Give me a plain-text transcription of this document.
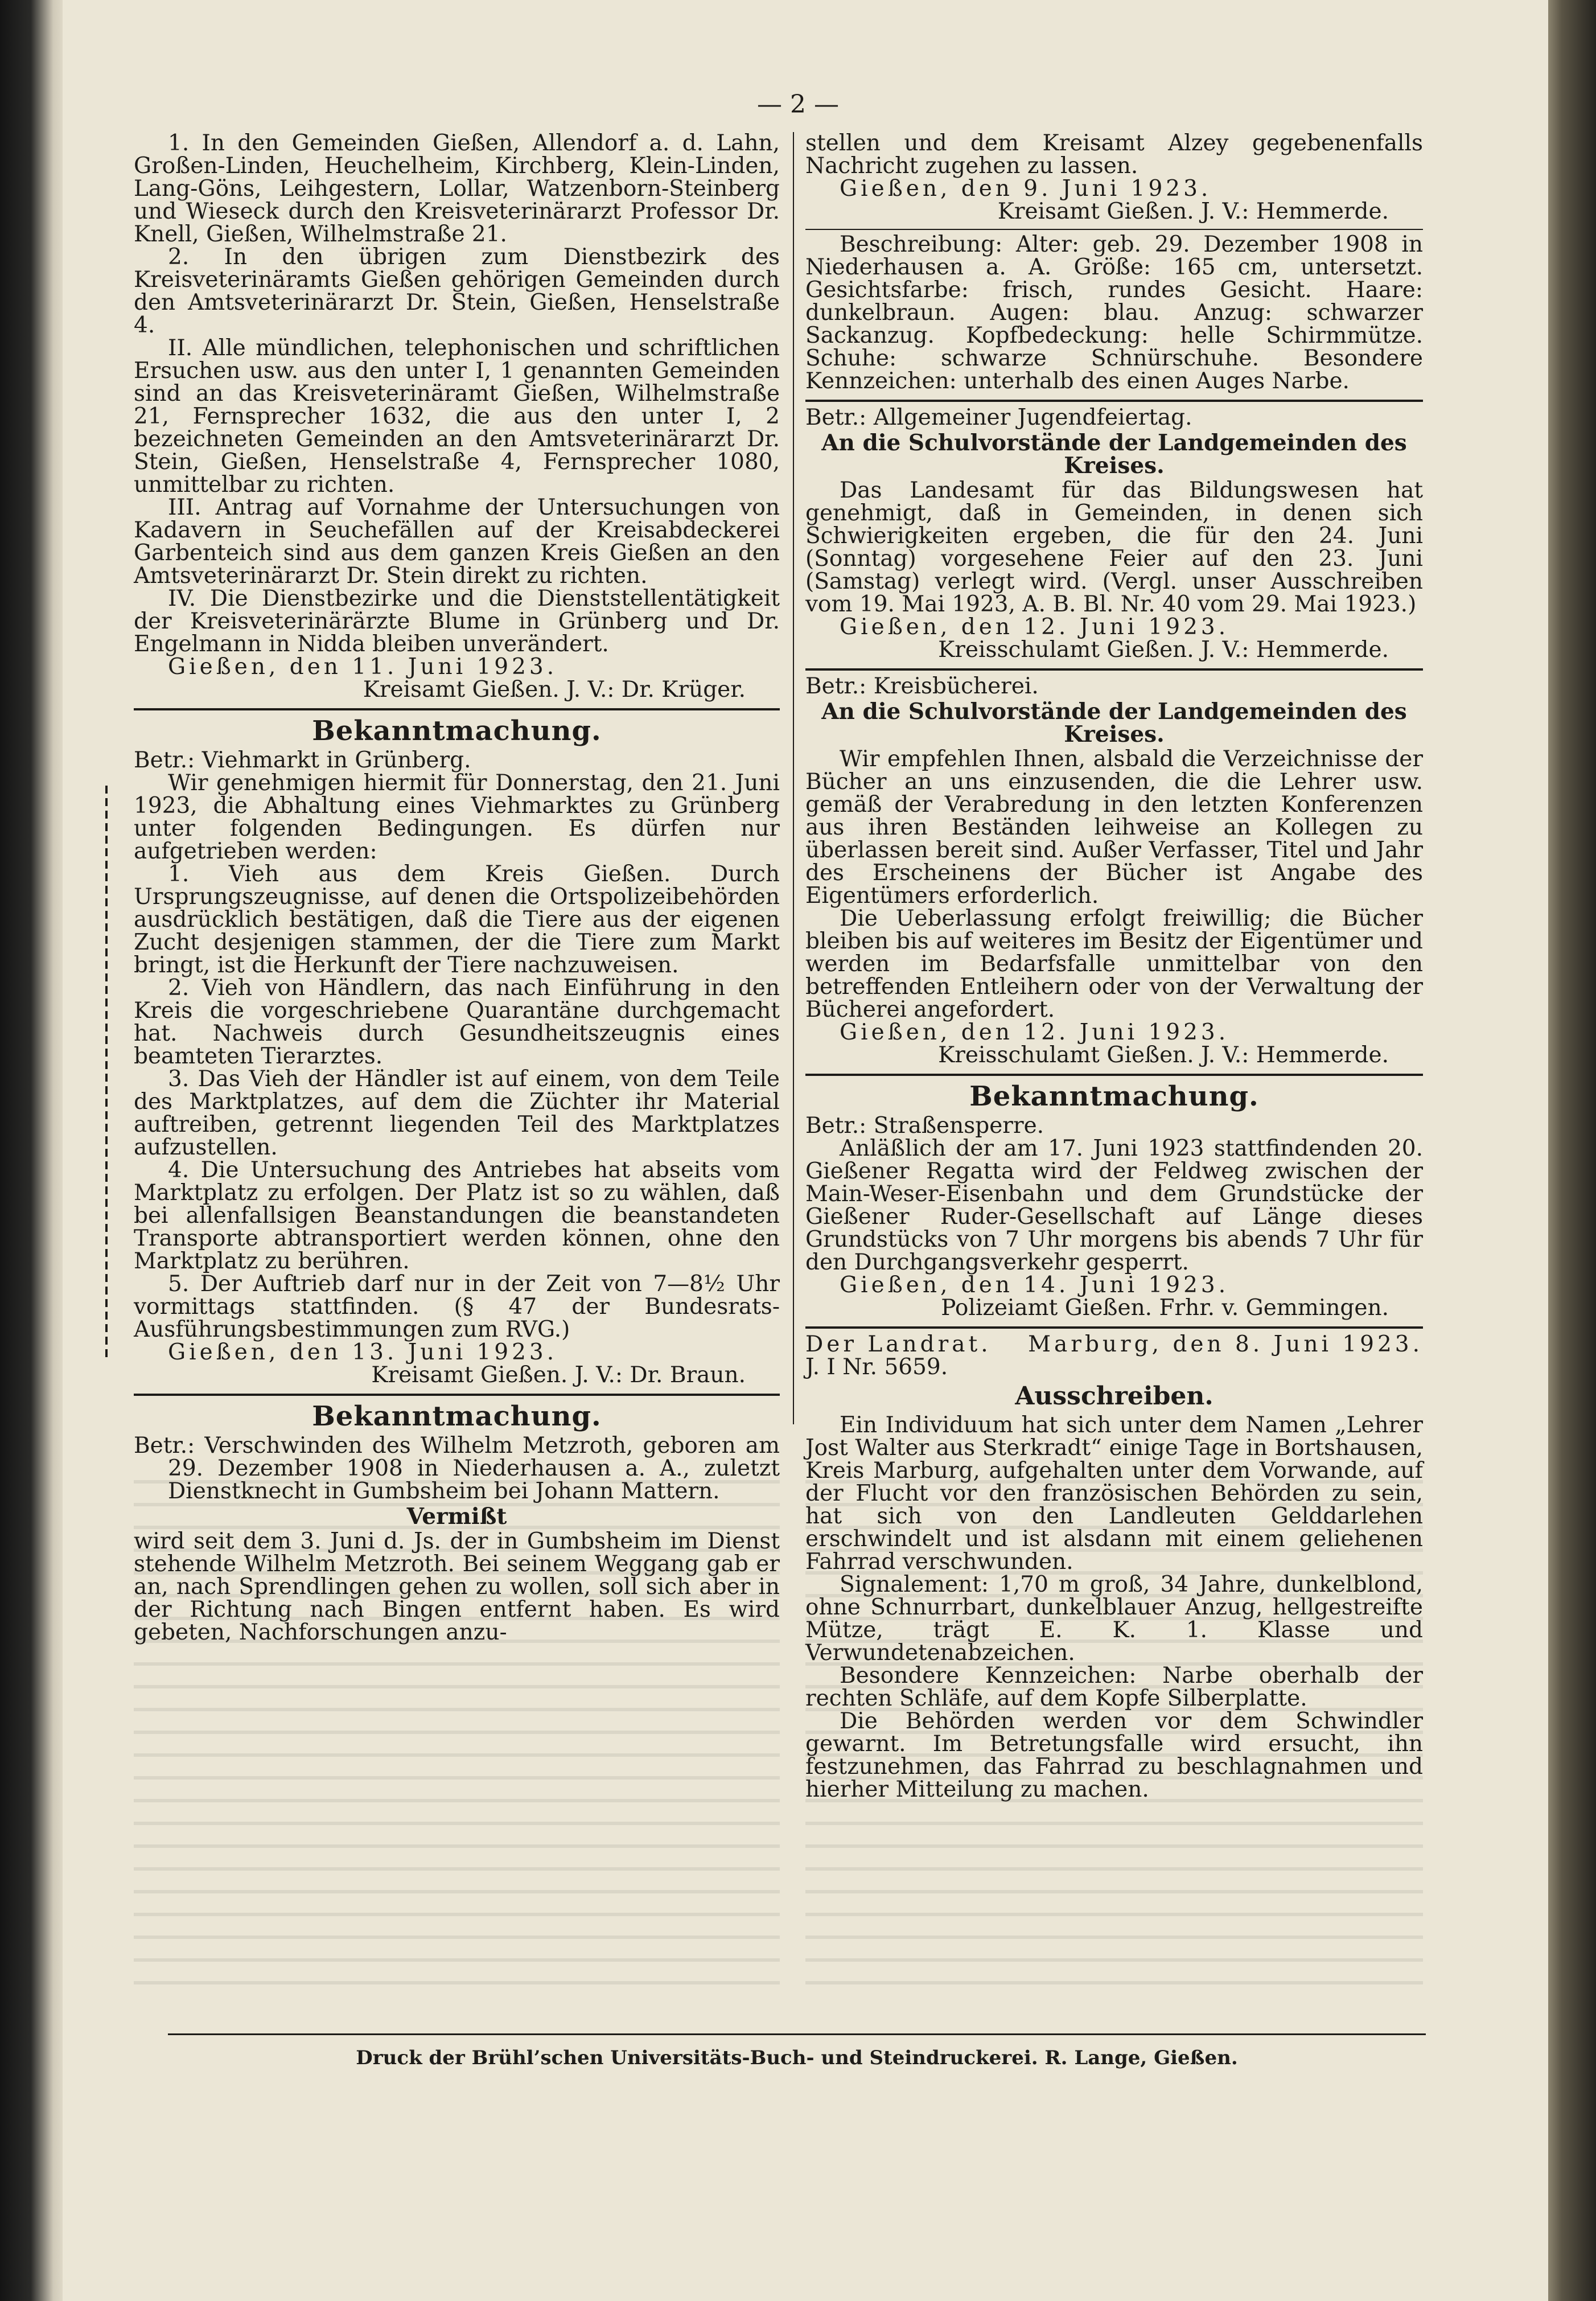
— 2 —

1. In den Gemeinden Gießen, Allendorf a. d. Lahn, Großen-Linden, Heuchelheim, Kirchberg, Klein-Linden, Lang-Göns, Leihgestern, Lollar, Watzenborn-Steinberg und Wieseck durch den Kreisveterinärarzt Professor Dr. Knell, Gießen, Wilhelmstraße 21.

2. In den übrigen zum Dienstbezirk des Kreisveterinäramts Gießen gehörigen Gemeinden durch den Amtsveterinärarzt Dr. Stein, Gießen, Henselstraße 4.

II. Alle mündlichen, telephonischen und schriftlichen Ersuchen usw. aus den unter I, 1 genannten Gemeinden sind an das Kreisveterinäramt Gießen, Wilhelmstraße 21, Fernsprecher 1632, die aus den unter I, 2 bezeichneten Gemeinden an den Amtsveterinärarzt Dr. Stein, Gießen, Henselstraße 4, Fernsprecher 1080, unmittelbar zu richten.

III. Antrag auf Vornahme der Untersuchungen von Kadavern in Seuchefällen auf der Kreisabdeckerei Garbenteich sind aus dem ganzen Kreis Gießen an den Amtsveterinärarzt Dr. Stein direkt zu richten.

IV. Die Dienstbezirke und die Dienststellentätigkeit der Kreisveterinärärzte Blume in Grünberg und Dr. Engelmann in Nidda bleiben unverändert.

Gießen, den 11. Juni 1923.

Kreisamt Gießen. J. V.: Dr. Krüger.

Bekanntmachung.

Betr.: Viehmarkt in Grünberg.

Wir genehmigen hiermit für Donnerstag, den 21. Juni 1923, die Abhaltung eines Viehmarktes zu Grünberg unter folgenden Bedingungen. Es dürfen nur aufgetrieben werden:

1. Vieh aus dem Kreis Gießen. Durch Ursprungszeugnisse, auf denen die Ortspolizeibehörden ausdrücklich bestätigen, daß die Tiere aus der eigenen Zucht desjenigen stammen, der die Tiere zum Markt bringt, ist die Herkunft der Tiere nachzuweisen.

2. Vieh von Händlern, das nach Einführung in den Kreis die vorgeschriebene Quarantäne durchgemacht hat. Nachweis durch Gesundheitszeugnis eines beamteten Tierarztes.

3. Das Vieh der Händler ist auf einem, von dem Teile des Marktplatzes, auf dem die Züchter ihr Material auftreiben, getrennt liegenden Teil des Marktplatzes aufzustellen.

4. Die Untersuchung des Antriebes hat abseits vom Marktplatz zu erfolgen. Der Platz ist so zu wählen, daß bei allenfallsigen Beanstandungen die beanstandeten Transporte abtransportiert werden können, ohne den Marktplatz zu berühren.

5. Der Auftrieb darf nur in der Zeit von 7—8½ Uhr vormittags stattfinden. (§ 47 der Bundesrats-Ausführungsbestimmungen zum RVG.)

Gießen, den 13. Juni 1923.

Kreisamt Gießen. J. V.: Dr. Braun.

Bekanntmachung.

Betr.: Verschwinden des Wilhelm Metzroth, geboren am 29. Dezember 1908 in Niederhausen a. A., zuletzt Dienstknecht in Gumbsheim bei Johann Mattern.

Vermißt

wird seit dem 3. Juni d. Js. der in Gumbsheim im Dienst stehende Wilhelm Metzroth. Bei seinem Weggang gab er an, nach Sprendlingen gehen zu wollen, soll sich aber in der Richtung nach Bingen entfernt haben. Es wird gebeten, Nachforschungen anzu-

stellen und dem Kreisamt Alzey gegebenenfalls Nachricht zugehen zu lassen.

Gießen, den 9. Juni 1923.

Kreisamt Gießen. J. V.: Hemmerde.

Beschreibung: Alter: geb. 29. Dezember 1908 in Niederhausen a. A. Größe: 165 cm, untersetzt. Gesichtsfarbe: frisch, rundes Gesicht. Haare: dunkelbraun. Augen: blau. Anzug: schwarzer Sackanzug. Kopfbedeckung: helle Schirmmütze. Schuhe: schwarze Schnürschuhe. Besondere Kennzeichen: unterhalb des einen Auges Narbe.

Betr.: Allgemeiner Jugendfeiertag.

An die Schulvorstände der Landgemeinden des Kreises.

Das Landesamt für das Bildungswesen hat genehmigt, daß in Gemeinden, in denen sich Schwierigkeiten ergeben, die für den 24. Juni (Sonntag) vorgesehene Feier auf den 23. Juni (Samstag) verlegt wird. (Vergl. unser Ausschreiben vom 19. Mai 1923, A. B. Bl. Nr. 40 vom 29. Mai 1923.)

Gießen, den 12. Juni 1923.

Kreisschulamt Gießen. J. V.: Hemmerde.

Betr.: Kreisbücherei.

An die Schulvorstände der Landgemeinden des Kreises.

Wir empfehlen Ihnen, alsbald die Verzeichnisse der Bücher an uns einzusenden, die die Lehrer usw. gemäß der Verabredung in den letzten Konferenzen aus ihren Beständen leihweise an Kollegen zu überlassen bereit sind. Außer Verfasser, Titel und Jahr des Erscheinens der Bücher ist Angabe des Eigentümers erforderlich.

Die Ueberlassung erfolgt freiwillig; die Bücher bleiben bis auf weiteres im Besitz der Eigentümer und werden im Bedarfsfalle unmittelbar von den betreffenden Entleihern oder von der Verwaltung der Bücherei angefordert.

Gießen, den 12. Juni 1923.

Kreisschulamt Gießen. J. V.: Hemmerde.

Bekanntmachung.

Betr.: Straßensperre.

Anläßlich der am 17. Juni 1923 stattfindenden 20. Gießener Regatta wird der Feldweg zwischen der Main-Weser-Eisenbahn und dem Grundstücke der Gießener Ruder-Gesellschaft auf Länge dieses Grundstücks von 7 Uhr morgens bis abends 7 Uhr für den Durchgangsverkehr gesperrt.

Gießen, den 14. Juni 1923.

Polizeiamt Gießen. Frhr. v. Gemmingen.

Der Landrat. Marburg, den 8. Juni 1923.

J. I Nr. 5659.

Ausschreiben.

Ein Individuum hat sich unter dem Namen „Lehrer Jost Walter aus Sterkradt“ einige Tage in Bortshausen, Kreis Marburg, aufgehalten unter dem Vorwande, auf der Flucht vor den französischen Behörden zu sein, hat sich von den Landleuten Gelddarlehen erschwindelt und ist alsdann mit einem geliehenen Fahrrad verschwunden.

Signalement: 1,70 m groß, 34 Jahre, dunkelblond, ohne Schnurrbart, dunkelblauer Anzug, hellgestreifte Mütze, trägt E. K. 1. Klasse und Verwundetenabzeichen.

Besondere Kennzeichen: Narbe oberhalb der rechten Schläfe, auf dem Kopfe Silberplatte.

Die Behörden werden vor dem Schwindler gewarnt. Im Betretungsfalle wird ersucht, ihn festzunehmen, das Fahrrad zu beschlagnahmen und hierher Mitteilung zu machen.

Druck der Brühl’schen Universitäts-Buch- und Steindruckerei. R. Lange, Gießen.
